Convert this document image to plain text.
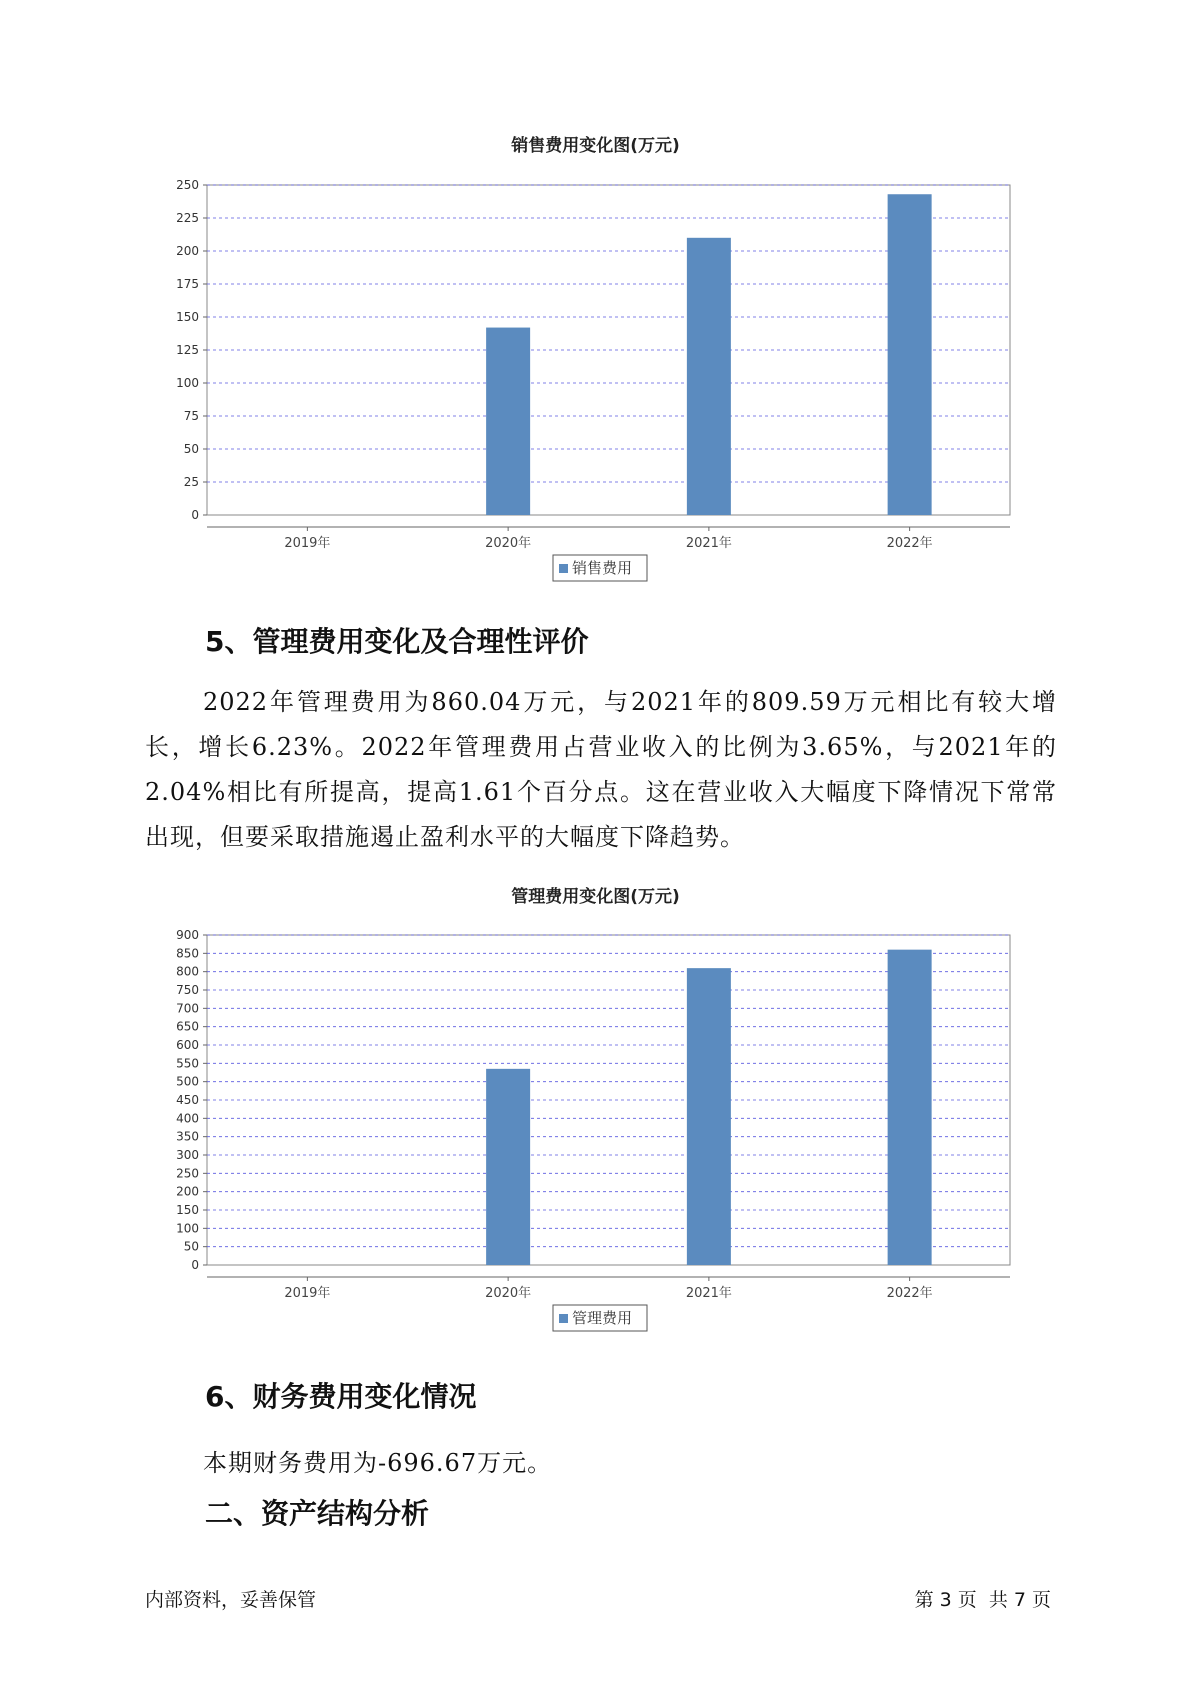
销售费用变化图(万元)
0
25
50
75
100
125
150
175
200
225
250
2019年	2020年	2021年	2022年
销售费用
5、管理费用变化及合理性评价

2022年管理费用为860.04万元，与2021年的809.59万元相比有较大增长，增长6.23%。2022年管理费用占营业收入的比例为3.65%，与2021年的2.04%相比有所提高，提高1.61个百分点。这在营业收入大幅度下降情况下常常出现，但要采取措施遏止盈利水平的大幅度下降趋势。

管理费用变化图(万元)
0
50
100
150
200
250
300
350
400
450
500
550
600
650
700
750
800
850
900
2019年	2020年	2021年	2022年
管理费用
6、财务费用变化情况

本期财务费用为-696.67万元。

二、资产结构分析
内部资料，妥善保管	第 3 页 共 7 页
